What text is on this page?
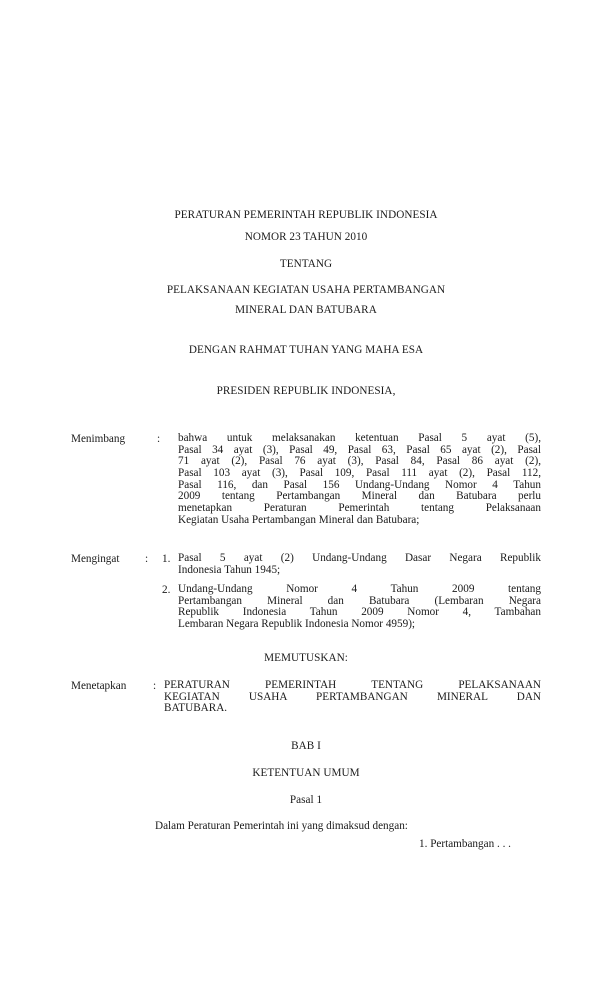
PERATURAN PEMERINTAH REPUBLIK INDONESIA
NOMOR 23 TAHUN 2010
TENTANG
PELAKSANAAN KEGIATAN USAHA PERTAMBANGAN
MINERAL DAN BATUBARA
DENGAN RAHMAT TUHAN YANG MAHA ESA
PRESIDEN REPUBLIK INDONESIA,
Menimbang	: bahwa untuk melaksanakan ketentuan Pasal 5 ayat (5),
Pasal 34 ayat (3), Pasal 49, Pasal 63, Pasal 65 ayat (2), Pasal
71 ayat (2), Pasal 76 ayat (3), Pasal 84, Pasal 86 ayat (2),
Pasal 103 ayat (3), Pasal 109, Pasal 111 ayat (2), Pasal 112,
Pasal 116, dan Pasal 156 Undang-Undang Nomor 4 Tahun
2009 tentang Pertambangan Mineral dan Batubara perlu
menetapkan Peraturan Pemerintah tentang Pelaksanaan
Kegiatan Usaha Pertambangan Mineral dan Batubara;
Mengingat : 1. Pasal 5 ayat (2) Undang-Undang Dasar Negara Republik
Indonesia Tahun 1945;
2. Undang-Undang Nomor 4 Tahun 2009 tentang
Pertambangan Mineral dan Batubara (Lembaran Negara
Republik Indonesia Tahun 2009 Nomor 4, Tambahan
Lembaran Negara Republik Indonesia Nomor 4959);
MEMUTUSKAN:
Menetapkan : PERATURAN PEMERINTAH TENTANG PELAKSANAAN
KEGIATAN USAHA PERTAMBANGAN MINERAL DAN
BATUBARA.
BAB I
KETENTUAN UMUM
Pasal 1
Dalam Peraturan Pemerintah ini yang dimaksud dengan:
1. Pertambangan . . .
